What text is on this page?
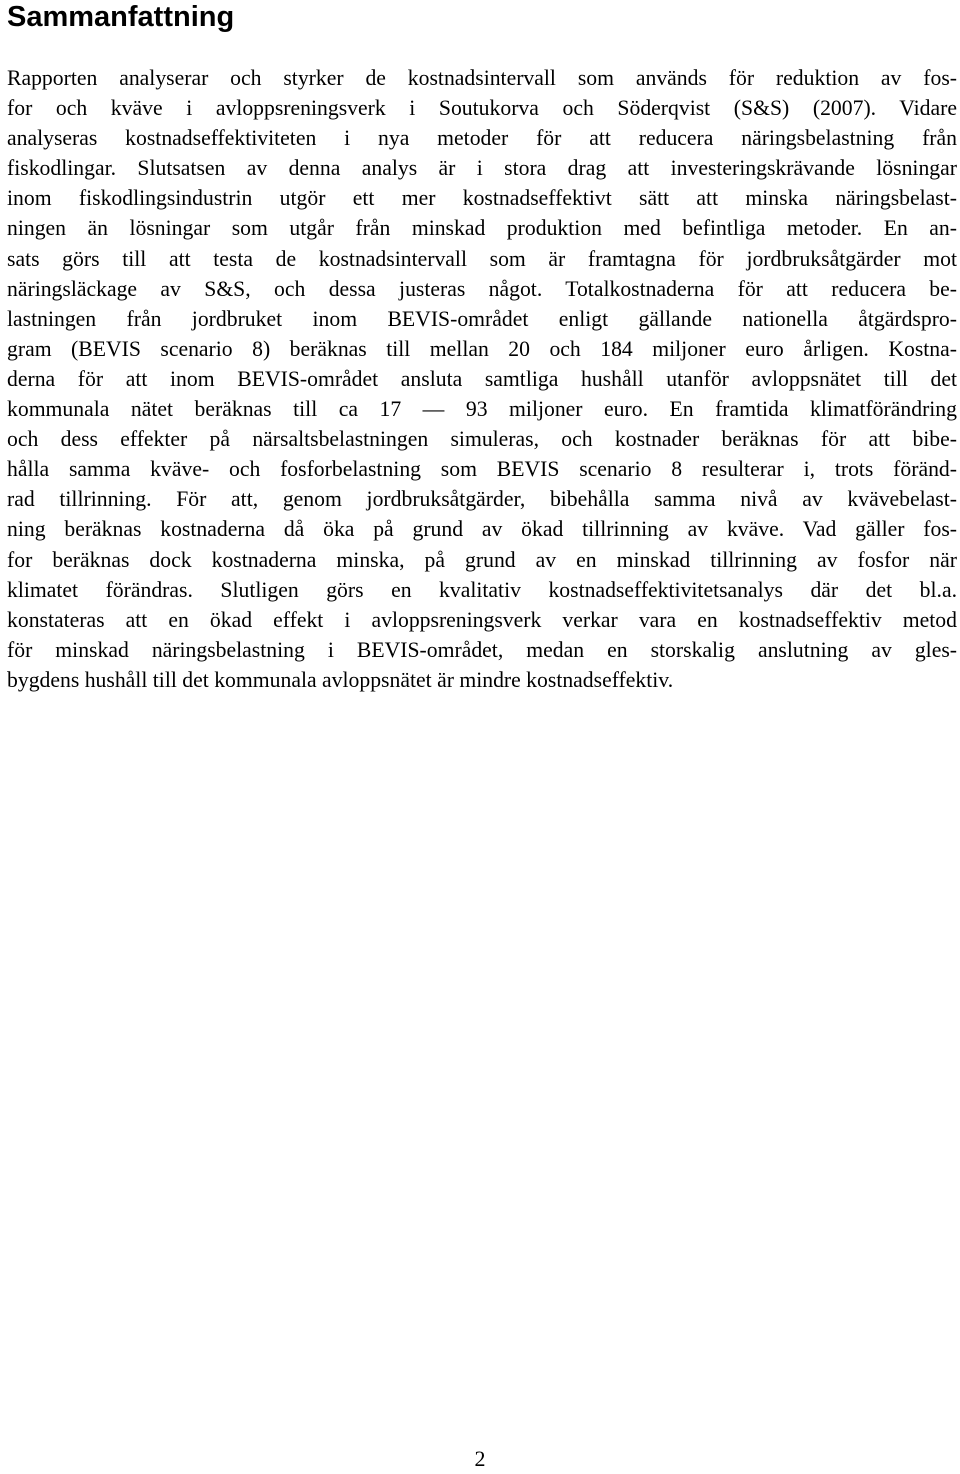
Sammanfattning
Rapporten analyserar och styrker de kostnadsintervall som används för reduktion av fos-
for och kväve i avloppsreningsverk i Soutukorva och Söderqvist (S&S) (2007). Vidare
analyseras kostnadseffektiviteten i nya metoder för att reducera näringsbelastning från
fiskodlingar. Slutsatsen av denna analys är i stora drag att investeringskrävande lösningar
inom fiskodlingsindustrin utgör ett mer kostnadseffektivt sätt att minska näringsbelast-
ningen än lösningar som utgår från minskad produktion med befintliga metoder. En an-
sats görs till att testa de kostnadsintervall som är framtagna för jordbruksåtgärder mot
näringsläckage av S&S, och dessa justeras något. Totalkostnaderna för att reducera be-
lastningen från jordbruket inom BEVIS-området enligt gällande nationella åtgärdspro-
gram (BEVIS scenario 8) beräknas till mellan 20 och 184 miljoner euro årligen. Kostna-
derna för att inom BEVIS-området ansluta samtliga hushåll utanför avloppsnätet till det
kommunala nätet beräknas till ca 17 — 93 miljoner euro. En framtida klimatförändring
och dess effekter på närsaltsbelastningen simuleras, och kostnader beräknas för att bibe-
hålla samma kväve- och fosforbelastning som BEVIS scenario 8 resulterar i, trots föränd-
rad tillrinning. För att, genom jordbruksåtgärder, bibehålla samma nivå av kvävebelast-
ning beräknas kostnaderna då öka på grund av ökad tillrinning av kväve. Vad gäller fos-
for beräknas dock kostnaderna minska, på grund av en minskad tillrinning av fosfor när
klimatet förändras. Slutligen görs en kvalitativ kostnadseffektivitetsanalys där det bl.a.
konstateras att en ökad effekt i avloppsreningsverk verkar vara en kostnadseffektiv metod
för minskad näringsbelastning i BEVIS-området, medan en storskalig anslutning av gles-
bygdens hushåll till det kommunala avloppsnätet är mindre kostnadseffektiv.
2
